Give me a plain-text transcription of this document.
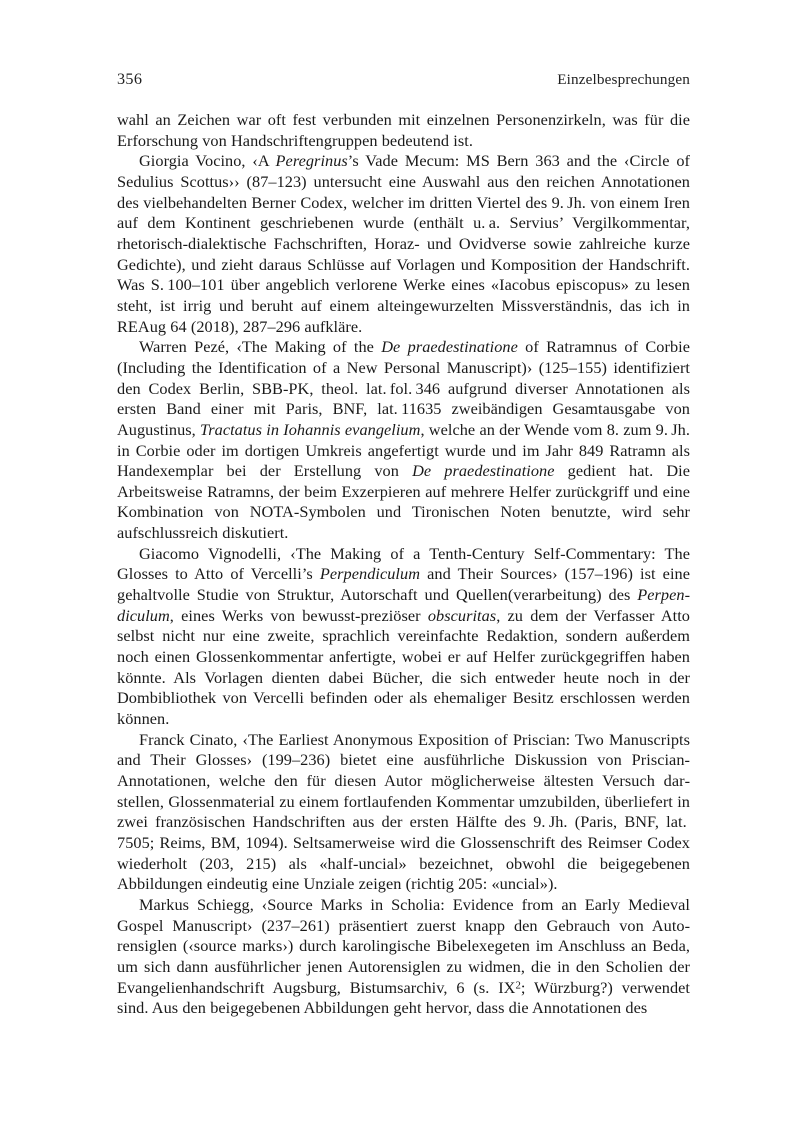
356	Einzelbesprechungen

wahl an Zeichen war oft fest verbunden mit einzelnen Personenzirkeln, was für die Erforschung von Handschriftengruppen bedeutend ist.

Giorgia Vocino, ‹A Peregrinus’s Vade Mecum: MS Bern 363 and the ‹Circle of Sedulius Scottus›› (87–123) untersucht eine Auswahl aus den reichen Annotationen des vielbehandelten Berner Codex, welcher im dritten Viertel des 9. Jh. von einem Iren auf dem Kontinent geschriebenen wurde (enthält u. a. Servius’ Vergilkommentar, rhetorisch-dialektische Fachschriften, Horaz- und Ovidverse sowie zahlreiche kurze Gedichte), und zieht daraus Schlüsse auf Vorlagen und Komposition der Handschrift. Was S. 100–101 über angeblich verlorene Werke eines «Iacobus episcopus» zu lesen steht, ist irrig und beruht auf einem alteingewurzelten Missverständnis, das ich in REAug 64 (2018), 287–296 aufkläre.

Warren Pezé, ‹The Making of the De praedestinatione of Ratramnus of Corbie (Including the Identification of a New Personal Manuscript)› (125–155) identifiziert den Codex Berlin, SBB-PK, theol. lat. fol. 346 aufgrund diverser Annotationen als ersten Band einer mit Paris, BNF, lat. 11635 zweibändigen Gesamtausgabe von Augustinus, Tractatus in Iohannis evangelium, welche an der Wende vom 8. zum 9. Jh. in Corbie oder im dortigen Umkreis angefertigt wurde und im Jahr 849 Ratramn als Handexemplar bei der Erstellung von De praedestinatione gedient hat. Die Arbeitsweise Ratramns, der beim Exzerpieren auf mehrere Helfer zurückgriff und eine Kombination von NOTA-Symbolen und Tironischen Noten benutzte, wird sehr aufschlussreich diskutiert.

Giacomo Vignodelli, ‹The Making of a Tenth-Century Self-Commentary: The Glosses to Atto of Vercelli’s Perpendiculum and Their Sources› (157–196) ist eine gehaltvolle Studie von Struktur, Autorschaft und Quellen(verarbeitung) des Perpendiculum, eines Werks von bewusst-preziöser obscuritas, zu dem der Verfasser Atto selbst nicht nur eine zweite, sprachlich vereinfachte Redaktion, sondern außerdem noch einen Glossenkommentar anfertigte, wobei er auf Helfer zurückgegriffen haben könnte. Als Vorlagen dienten dabei Bücher, die sich entweder heute noch in der Dombibliothek von Vercelli befinden oder als ehemaliger Besitz erschlossen werden können.

Franck Cinato, ‹The Earliest Anonymous Exposition of Priscian: Two Manuscripts and Their Glosses› (199–236) bietet eine ausführliche Diskussion von Priscian-Annotationen, welche den für diesen Autor möglicherweise ältesten Versuch darstellen, Glossenmaterial zu einem fortlaufenden Kommentar umzubilden, überliefert in zwei französischen Handschriften aus der ersten Hälfte des 9. Jh. (Paris, BNF, lat. 7505; Reims, BM, 1094). Seltsamerweise wird die Glossenschrift des Reimser Codex wiederholt (203, 215) als «half-uncial» bezeichnet, obwohl die beigegebenen Abbildungen eindeutig eine Unziale zeigen (richtig 205: «uncial»).

Markus Schiegg, ‹Source Marks in Scholia: Evidence from an Early Medieval Gospel Manuscript› (237–261) präsentiert zuerst knapp den Gebrauch von Autorensiglen (‹source marks›) durch karolingische Bibelexegeten im Anschluss an Beda, um sich dann ausführlicher jenen Autorensiglen zu widmen, die in den Scholien der Evangelienhandschrift Augsburg, Bistumsarchiv, 6 (s. $IX^2$; Würzburg?) verwendet sind. Aus den beigegebenen Abbildungen geht hervor, dass die Annotationen des
